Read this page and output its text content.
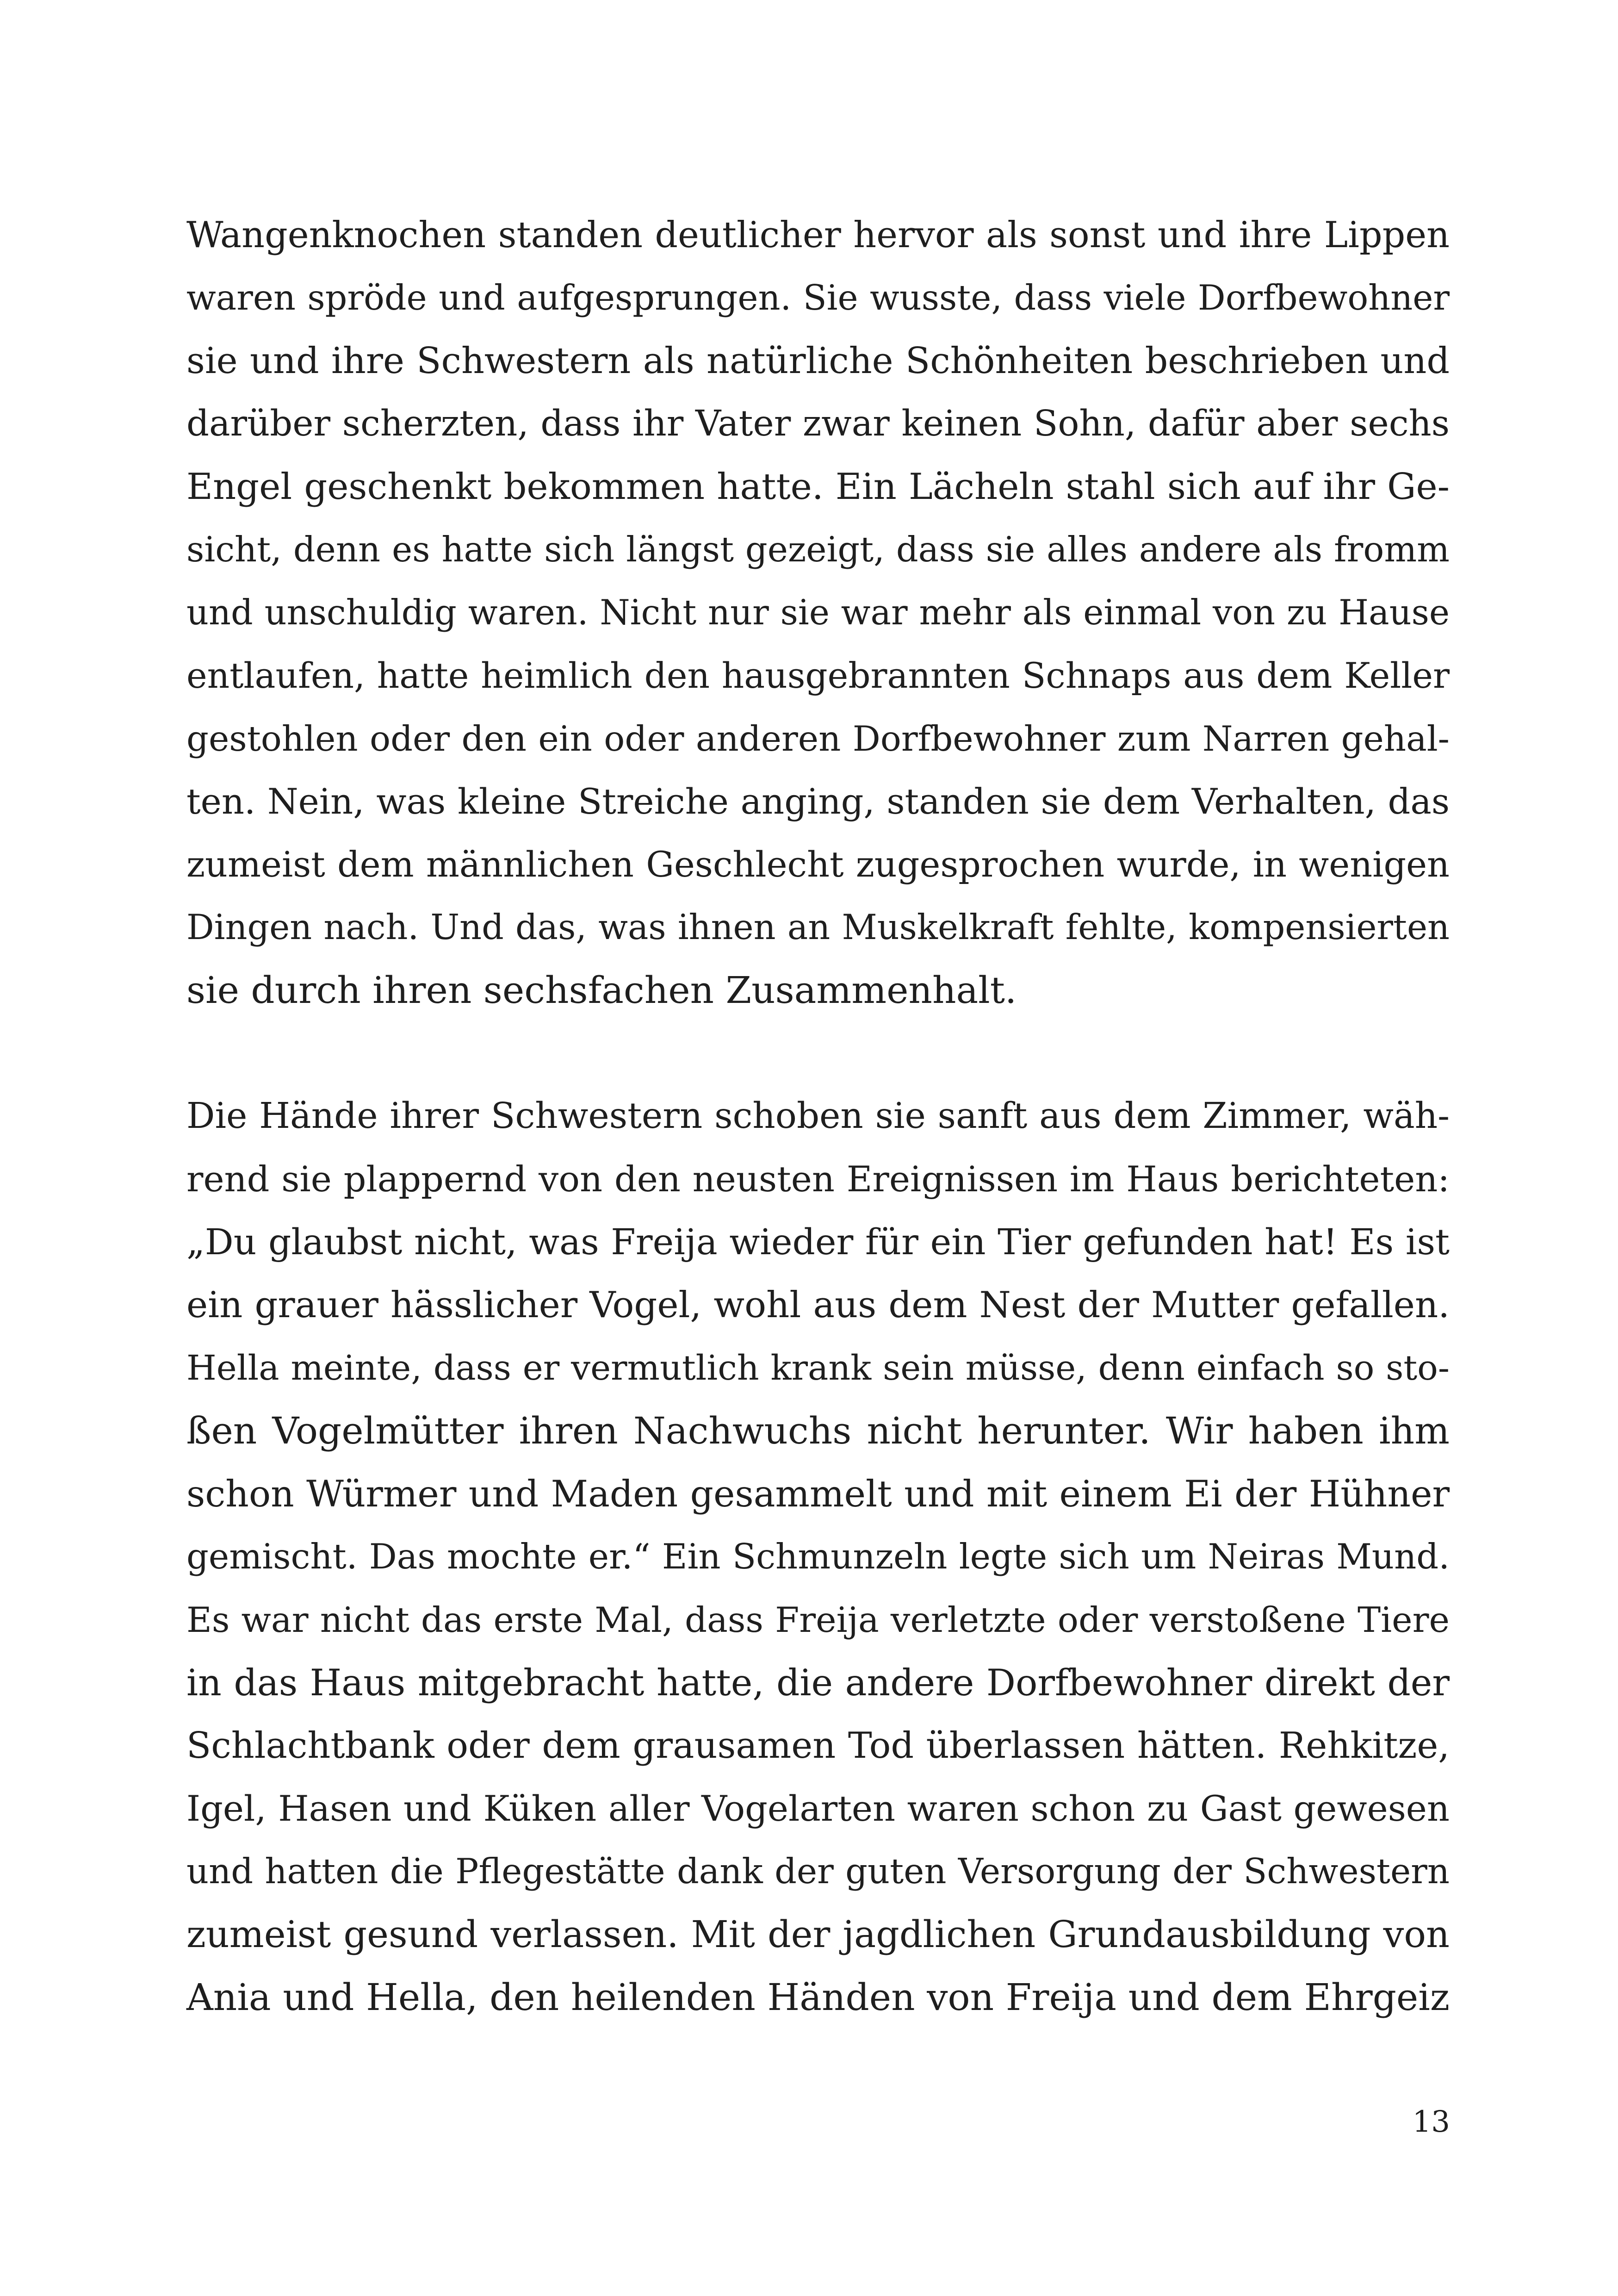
Wangenknochen standen deutlicher hervor als sonst und ihre Lippen
waren spröde und aufgesprungen. Sie wusste, dass viele Dorfbewohner
sie und ihre Schwestern als natürliche Schönheiten beschrieben und
darüber scherzten, dass ihr Vater zwar keinen Sohn, dafür aber sechs
Engel geschenkt bekommen hatte. Ein Lächeln stahl sich auf ihr Ge-
sicht, denn es hatte sich längst gezeigt, dass sie alles andere als fromm
und unschuldig waren. Nicht nur sie war mehr als einmal von zu Hause
entlaufen, hatte heimlich den hausgebrannten Schnaps aus dem Keller
gestohlen oder den ein oder anderen Dorfbewohner zum Narren gehal-
ten. Nein, was kleine Streiche anging, standen sie dem Verhalten, das
zumeist dem männlichen Geschlecht zugesprochen wurde, in wenigen
Dingen nach. Und das, was ihnen an Muskelkraft fehlte, kompensierten
sie durch ihren sechsfachen Zusammenhalt.
Die Hände ihrer Schwestern schoben sie sanft aus dem Zimmer, wäh-
rend sie plappernd von den neusten Ereignissen im Haus berichteten:
„Du glaubst nicht, was Freija wieder für ein Tier gefunden hat! Es ist
ein grauer hässlicher Vogel, wohl aus dem Nest der Mutter gefallen.
Hella meinte, dass er vermutlich krank sein müsse, denn einfach so sto-
ßen Vogelmütter ihren Nachwuchs nicht herunter. Wir haben ihm
schon Würmer und Maden gesammelt und mit einem Ei der Hühner
gemischt. Das mochte er.“ Ein Schmunzeln legte sich um Neiras Mund.
Es war nicht das erste Mal, dass Freija verletzte oder verstoßene Tiere
in das Haus mitgebracht hatte, die andere Dorfbewohner direkt der
Schlachtbank oder dem grausamen Tod überlassen hätten. Rehkitze,
Igel, Hasen und Küken aller Vogelarten waren schon zu Gast gewesen
und hatten die Pflegestätte dank der guten Versorgung der Schwestern
zumeist gesund verlassen. Mit der jagdlichen Grundausbildung von
Ania und Hella, den heilenden Händen von Freija und dem Ehrgeiz
13
